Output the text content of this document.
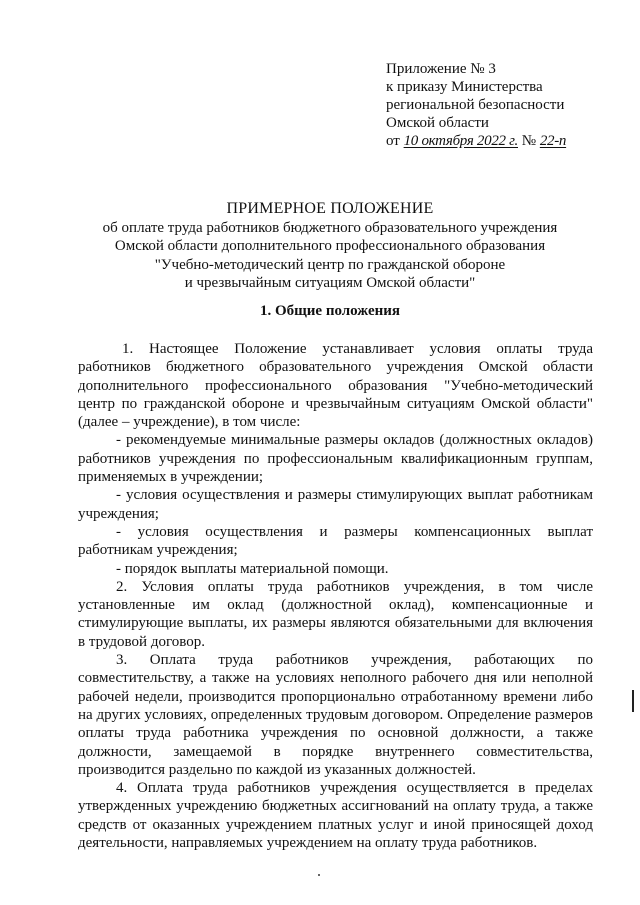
Приложение № 3
к приказу Министерства
региональной безопасности
Омской области
от 10 октября 2022 г. № 22-п
ПРИМЕРНОЕ ПОЛОЖЕНИЕ
об оплате труда работников бюджетного образовательного учреждения
Омской области дополнительного профессионального образования
"Учебно-методический центр по гражданской обороне
и чрезвычайным ситуациям Омской области"
1. Общие положения

1. Настоящее Положение устанавливает условия оплаты труда работников бюджетного образовательного учреждения Омской области дополнительного профессионального образования "Учебно-методический центр по гражданской обороне и чрезвычайным ситуациям Омской области" (далее – учреждение), в том числе:

- рекомендуемые минимальные размеры окладов (должностных окладов) работников учреждения по профессиональным квалификационным группам, применяемых в учреждении;

- условия осуществления и размеры стимулирующих выплат работникам учреждения;

- условия осуществления и размеры компенсационных выплат работникам учреждения;

- порядок выплаты материальной помощи.

2. Условия оплаты труда работников учреждения, в том числе установленные им оклад (должностной оклад), компенсационные и стимулирующие выплаты, их размеры являются обязательными для включения в трудовой договор.

3. Оплата труда работников учреждения, работающих по совместительству, а также на условиях неполного рабочего дня или неполной рабочей недели, производится пропорционально отработанному времени либо на других условиях, определенных трудовым договором. Определение размеров оплаты труда работника учреждения по основной должности, а также должности, замещаемой в порядке внутреннего совместительства, производится раздельно по каждой из указанных должностей.

4. Оплата труда работников учреждения осуществляется в пределах утвержденных учреждению бюджетных ассигнований на оплату труда, а также средств от оказанных учреждением платных услуг и иной приносящей доход деятельности, направляемых учреждением на оплату труда работников.
